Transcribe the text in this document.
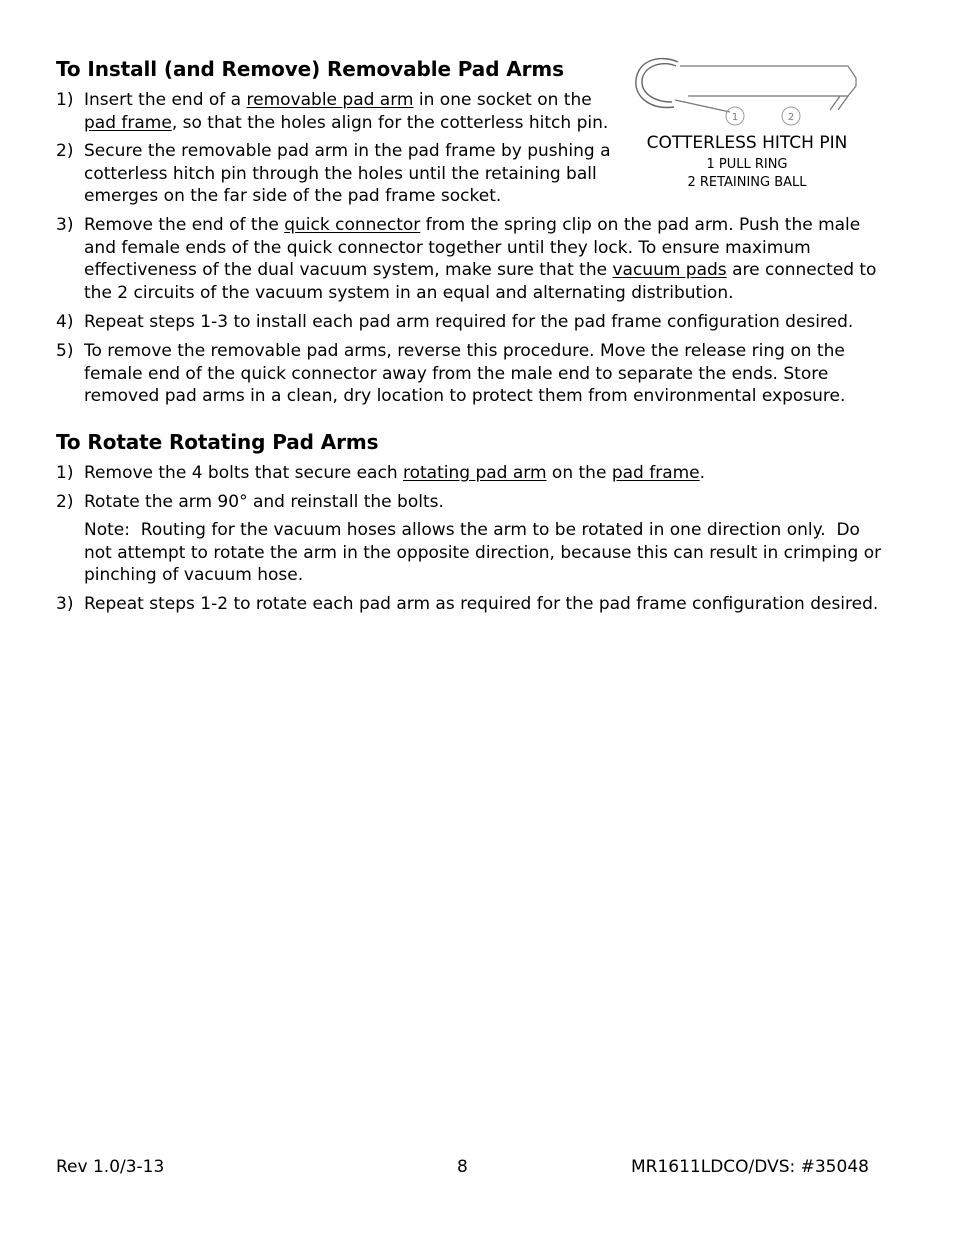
To Install (and Remove) Removable Pad Arms
1) Insert the end of a removable pad arm in one socket on the
pad frame, so that the holes align for the cotterless hitch pin.
2) Secure the removable pad arm in the pad frame by pushing a
cotterless hitch pin through the holes until the retaining ball
emerges on the far side of the pad frame socket.
3) Remove the end of the quick connector from the spring clip on the pad arm. Push the male
and female ends of the quick connector together until they lock. To ensure maximum
effectiveness of the dual vacuum system, make sure that the vacuum pads are connected to
the 2 circuits of the vacuum system in an equal and alternating distribution.
4) Repeat steps 1-3 to install each pad arm required for the pad frame configuration desired.
5) To remove the removable pad arms, reverse this procedure. Move the release ring on the
female end of the quick connector away from the male end to separate the ends. Store
removed pad arms in a clean, dry location to protect them from environmental exposure.
1	2
COTTERLESS HITCH PIN
1 PULL RING
2 RETAINING BALL
To Rotate Rotating Pad Arms
1) Remove the 4 bolts that secure each rotating pad arm on the pad frame.
2) Rotate the arm 90° and reinstall the bolts.
Note:  Routing for the vacuum hoses allows the arm to be rotated in one direction only.  Do
not attempt to rotate the arm in the opposite direction, because this can result in crimping or
pinching of vacuum hose.
3) Repeat steps 1-2 to rotate each pad arm as required for the pad frame configuration desired.
Rev 1.0/3-13	8	MR1611LDCO/DVS: #35048
